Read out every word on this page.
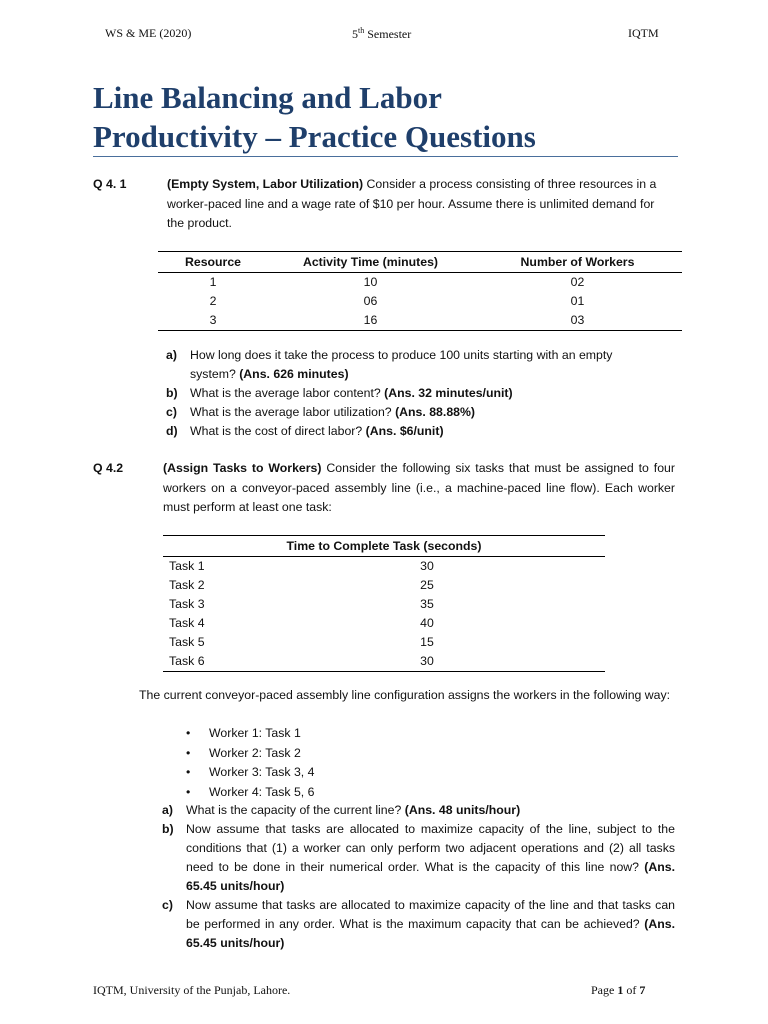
WS & ME (2020)	5th Semester	IQTM
Line Balancing and Labor
Productivity – Practice Questions
Q 4. 1	(Empty System, Labor Utilization) Consider a process consisting of three resources in a worker-paced line and a wage rate of $10 per hour. Assume there is unlimited demand for the product.
Resource	Activity Time (minutes)	Number of Workers
1	10	02
2	06	01
3	16	03
a) How long does it take the process to produce 100 units starting with an empty system? (Ans. 626 minutes)
b) What is the average labor content? (Ans. 32 minutes/unit)
c) What is the average labor utilization? (Ans. 88.88%)
d) What is the cost of direct labor? (Ans. $6/unit)
Q 4.2	(Assign Tasks to Workers) Consider the following six tasks that must be assigned to four workers on a conveyor-paced assembly line (i.e., a machine-paced line flow). Each worker must perform at least one task:
Time to Complete Task (seconds)	
Task 1	30
Task 2	25
Task 3	35
Task 4	40
Task 5	15
Task 6	30
The current conveyor-paced assembly line configuration assigns the workers in the following way:
• Worker 1: Task 1
• Worker 2: Task 2
• Worker 3: Task 3, 4
• Worker 4: Task 5, 6
a) What is the capacity of the current line? (Ans. 48 units/hour)
b) Now assume that tasks are allocated to maximize capacity of the line, subject to the conditions that (1) a worker can only perform two adjacent operations and (2) all tasks need to be done in their numerical order. What is the capacity of this line now? (Ans. 65.45 units/hour)
c) Now assume that tasks are allocated to maximize capacity of the line and that tasks can be performed in any order. What is the maximum capacity that can be achieved? (Ans. 65.45 units/hour)
IQTM, University of the Punjab, Lahore.	Page 1 of 7
